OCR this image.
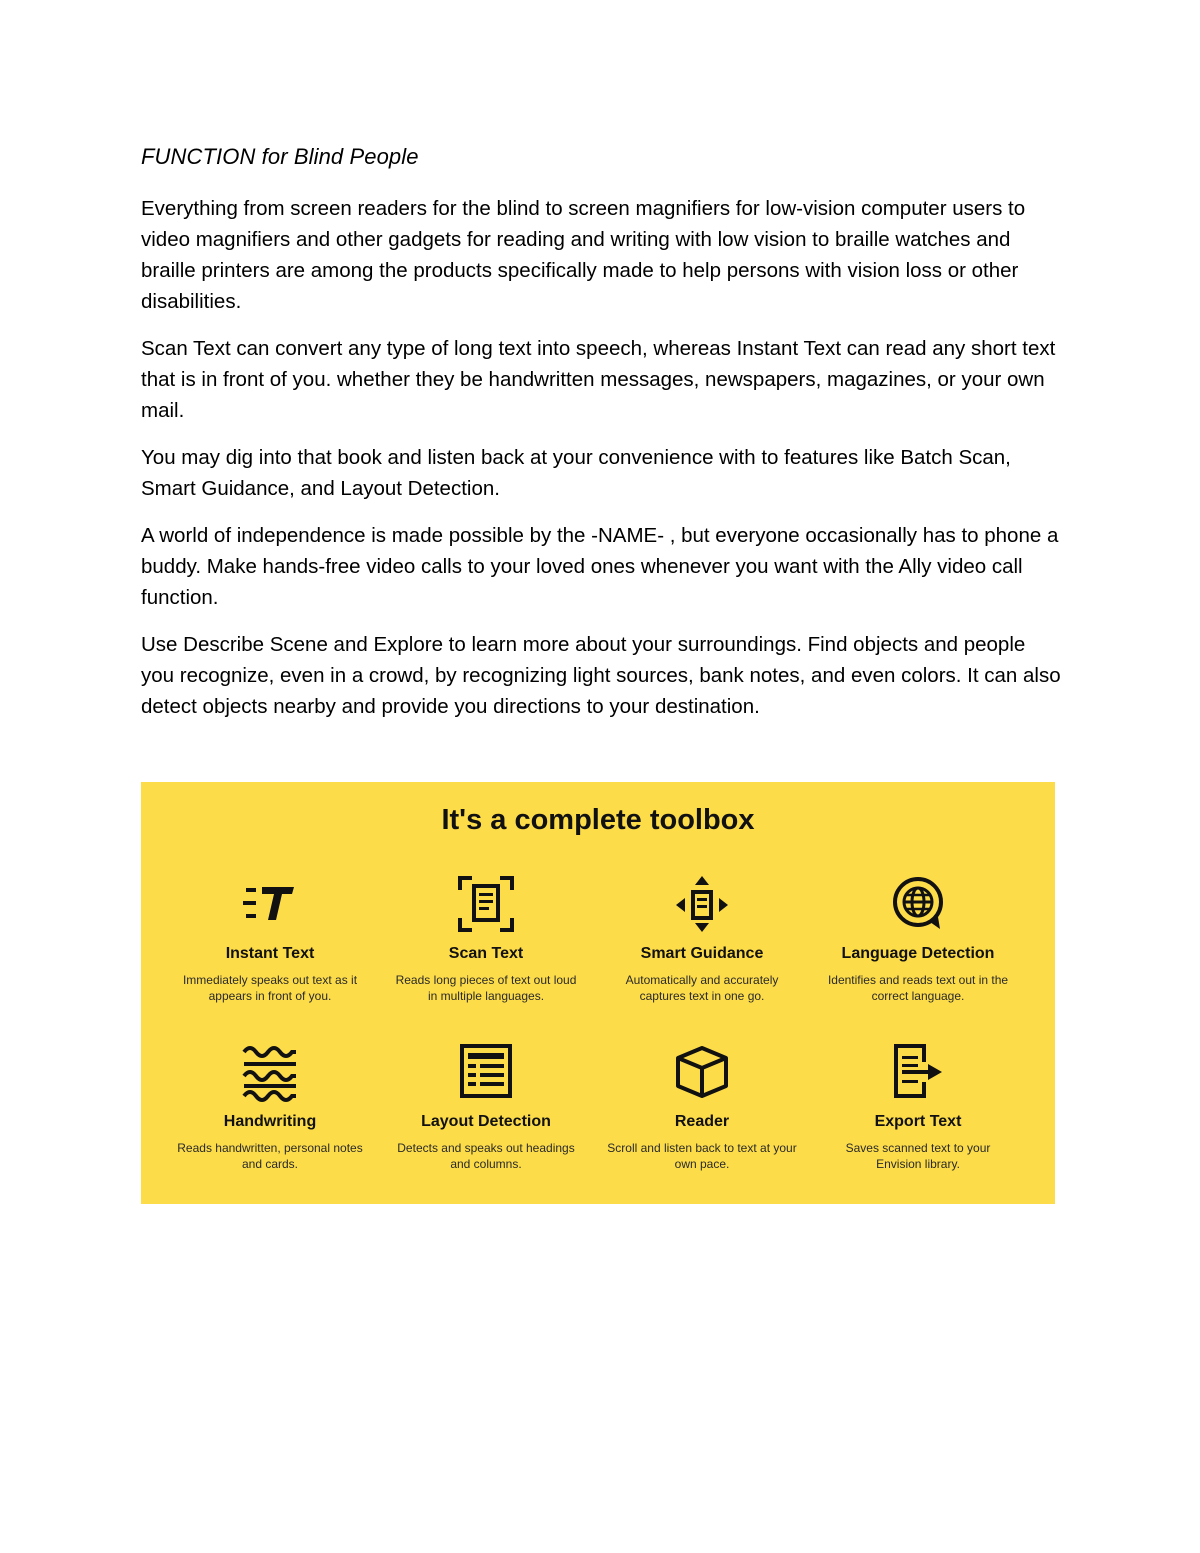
FUNCTION for Blind People

Everything from screen readers for the blind to screen magnifiers for low-vision computer users to video magnifiers and other gadgets for reading and writing with low vision to braille watches and braille printers are among the products specifically made to help persons with vision loss or other disabilities.

Scan Text can convert any type of long text into speech, whereas Instant Text can read any short text that is in front of you. whether they be handwritten messages, newspapers, magazines, or your own mail.

You may dig into that book and listen back at your convenience with to features like Batch Scan, Smart Guidance, and Layout Detection.

A world of independence is made possible by the -NAME- , but everyone occasionally has to phone a buddy. Make hands-free video calls to your loved ones whenever you want with the Ally video call function.

Use Describe Scene and Explore to learn more about your surroundings. Find objects and people you recognize, even in a crowd, by recognizing light sources, bank notes, and even colors. It can also detect objects nearby and provide you directions to your destination.

It's a complete toolbox
Instant Text
Immediately speaks out text as it appears in front of you.
Scan Text
Reads long pieces of text out loud in multiple languages.
Smart Guidance
Automatically and accurately captures text in one go.
Language Detection
Identifies and reads text out in the correct language.
Handwriting
Reads handwritten, personal notes and cards.
Layout Detection
Detects and speaks out headings and columns.
Reader
Scroll and listen back to text at your own pace.
Export Text
Saves scanned text to your Envision library.
